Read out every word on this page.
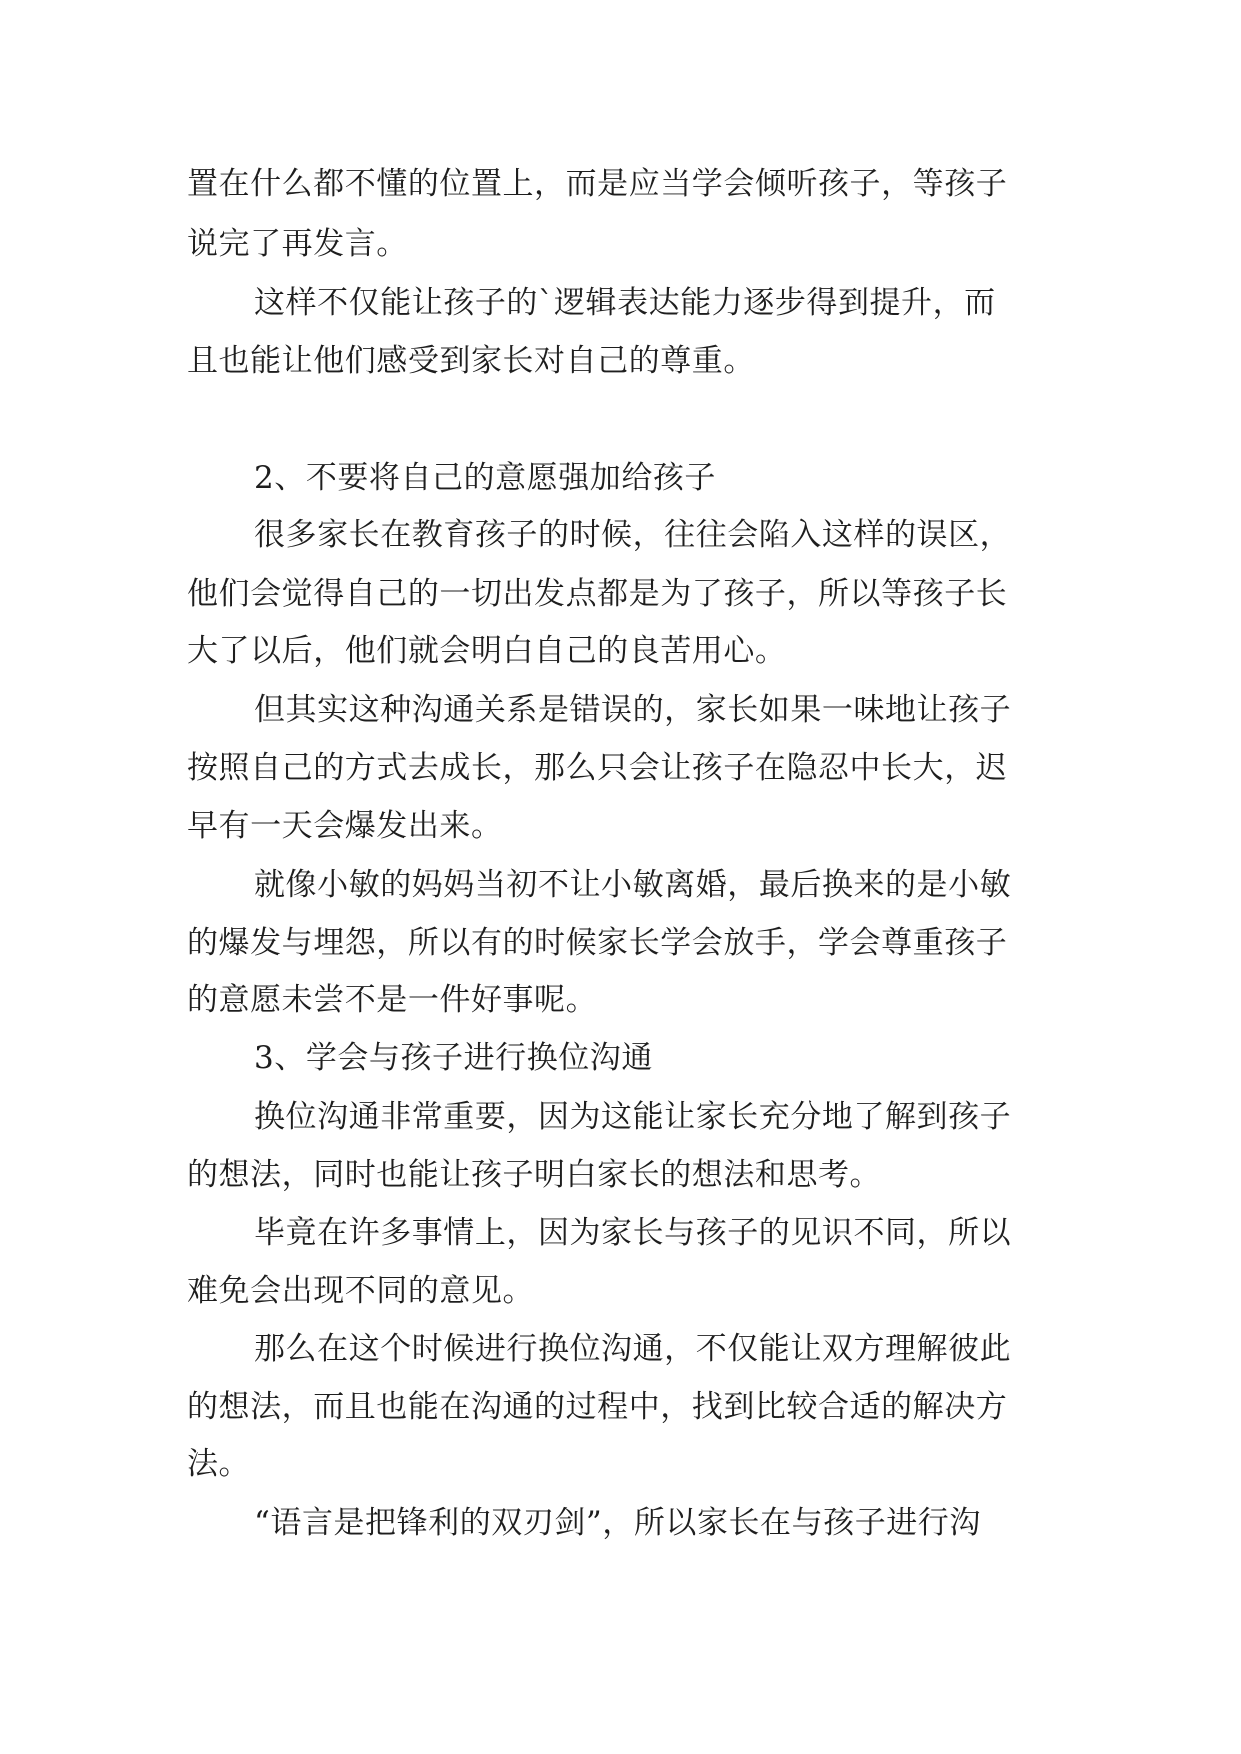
置在什么都不懂的位置上，而是应当学会倾听孩子，等孩子
说完了再发言。
这样不仅能让孩子的`逻辑表达能力逐步得到提升，而
且也能让他们感受到家长对自己的尊重。
2、不要将自己的意愿强加给孩子
很多家长在教育孩子的时候，往往会陷入这样的误区，
他们会觉得自己的一切出发点都是为了孩子，所以等孩子长
大了以后，他们就会明白自己的良苦用心。
但其实这种沟通关系是错误的，家长如果一味地让孩子
按照自己的方式去成长，那么只会让孩子在隐忍中长大，迟
早有一天会爆发出来。
就像小敏的妈妈当初不让小敏离婚，最后换来的是小敏
的爆发与埋怨，所以有的时候家长学会放手，学会尊重孩子
的意愿未尝不是一件好事呢。
3、学会与孩子进行换位沟通
换位沟通非常重要，因为这能让家长充分地了解到孩子
的想法，同时也能让孩子明白家长的想法和思考。
毕竟在许多事情上，因为家长与孩子的见识不同，所以
难免会出现不同的意见。
那么在这个时候进行换位沟通，不仅能让双方理解彼此
的想法，而且也能在沟通的过程中，找到比较合适的解决方
法。
“语言是把锋利的双刃剑”，所以家长在与孩子进行沟
